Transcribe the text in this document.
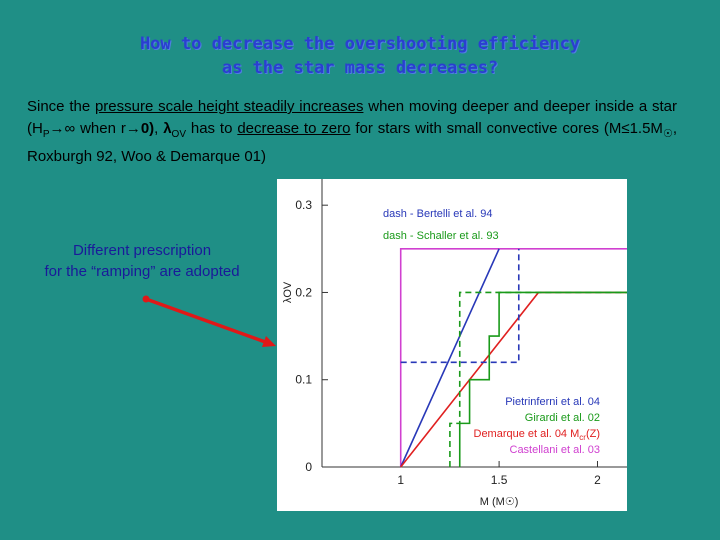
How to decrease the overshooting efficiency
as the star mass decreases?
Since the pressure scale height steadily increases when moving deeper and deeper inside a star ($H_P\to\infty$ when r→0), $\lambda_{OV}$ has to decrease to zero for stars with small convective cores ($M\le 1.5M_☉$, Roxburgh 92, Woo & Demarque 01)
Different prescription
for the “ramping” are adopted
0
0.1
0.2
0.3
1	1.5	2
M (M☉)
λOV
dash - Bertelli et al. 94
dash - Schaller et al. 93
Pietrinferni et al. 04
Girardi et al. 02
Demarque et al. 04 $M_{cr}(Z)$
Castellani et al. 03
